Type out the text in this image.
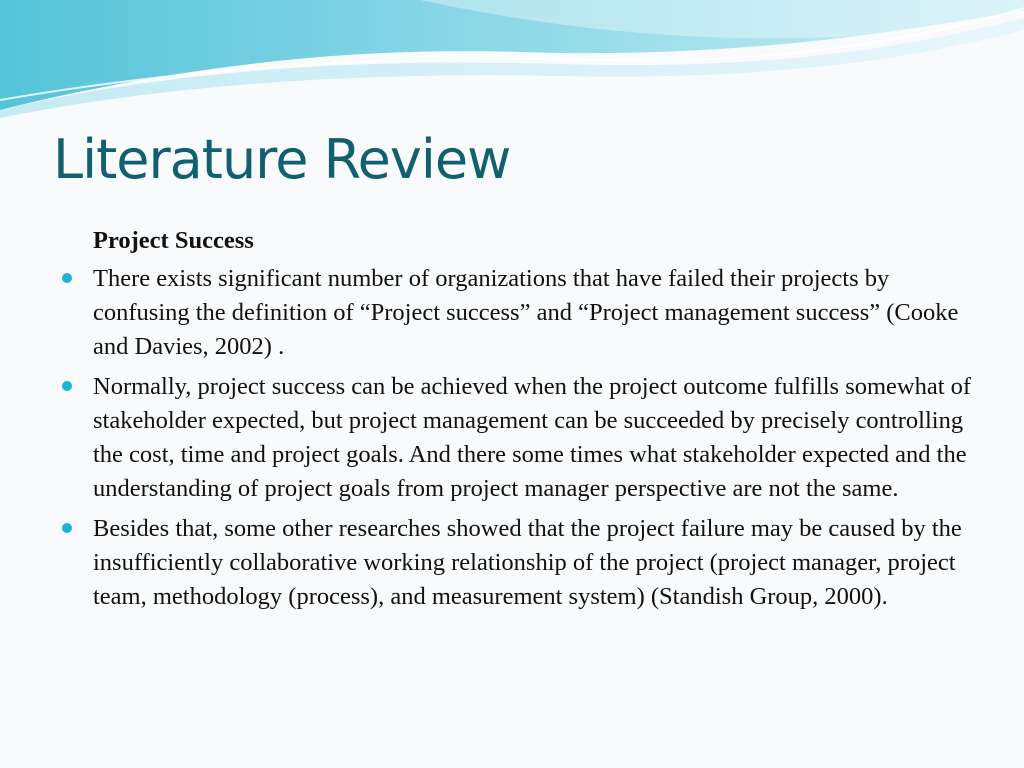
Literature Review
Project Success
There exists significant number of organizations that have failed their projects by confusing the definition of “Project success” and “Project management success” (Cooke and Davies, 2002) .
Normally, project success can be achieved when the project outcome fulfills somewhat of stakeholder expected, but project management can be succeeded by precisely controlling the cost, time and project goals. And there some times what stakeholder expected and the understanding of project goals from project manager perspective are not the same.
Besides that, some other researches showed that the project failure may be caused by the insufficiently collaborative working relationship of the project (project manager, project team, methodology (process), and measurement system) (Standish Group, 2000).
